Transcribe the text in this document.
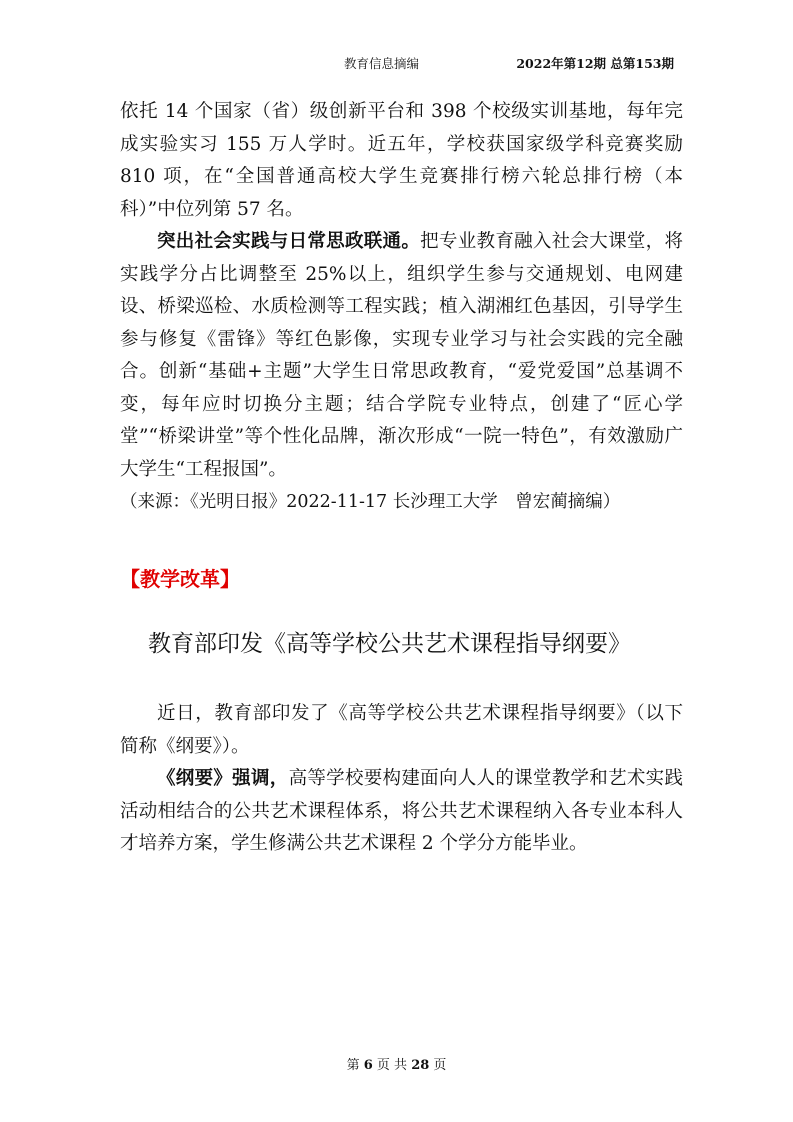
教育信息摘编	2022年第12期 总第153期

依托 14 个国家（省）级创新平台和 398 个校级实训基地，每年完成实验实习 155 万人学时。近五年，学校获国家级学科竞赛奖励 810 项，在“全国普通高校大学生竞赛排行榜六轮总排行榜（本科）”中位列第 57 名。

突出社会实践与日常思政联通。把专业教育融入社会大课堂，将实践学分占比调整至 25%以上，组织学生参与交通规划、电网建设、桥梁巡检、水质检测等工程实践；植入湖湘红色基因，引导学生参与修复《雷锋》等红色影像，实现专业学习与社会实践的完全融合。创新“基础+主题”大学生日常思政教育，“爱党爱国”总基调不变，每年应时切换分主题；结合学院专业特点，创建了“匠心学堂”“桥梁讲堂”等个性化品牌，渐次形成“一院一特色”，有效激励广大学生“工程报国”。

（来源：《光明日报》2022-11-17 长沙理工大学　曾宏蔺摘编）

【教学改革】
教育部印发《高等学校公共艺术课程指导纲要》

近日，教育部印发了《高等学校公共艺术课程指导纲要》（以下简称《纲要》）。

《纲要》强调，高等学校要构建面向人人的课堂教学和艺术实践活动相结合的公共艺术课程体系，将公共艺术课程纳入各专业本科人才培养方案，学生修满公共艺术课程 2 个学分方能毕业。

第 6 页 共 28 页
